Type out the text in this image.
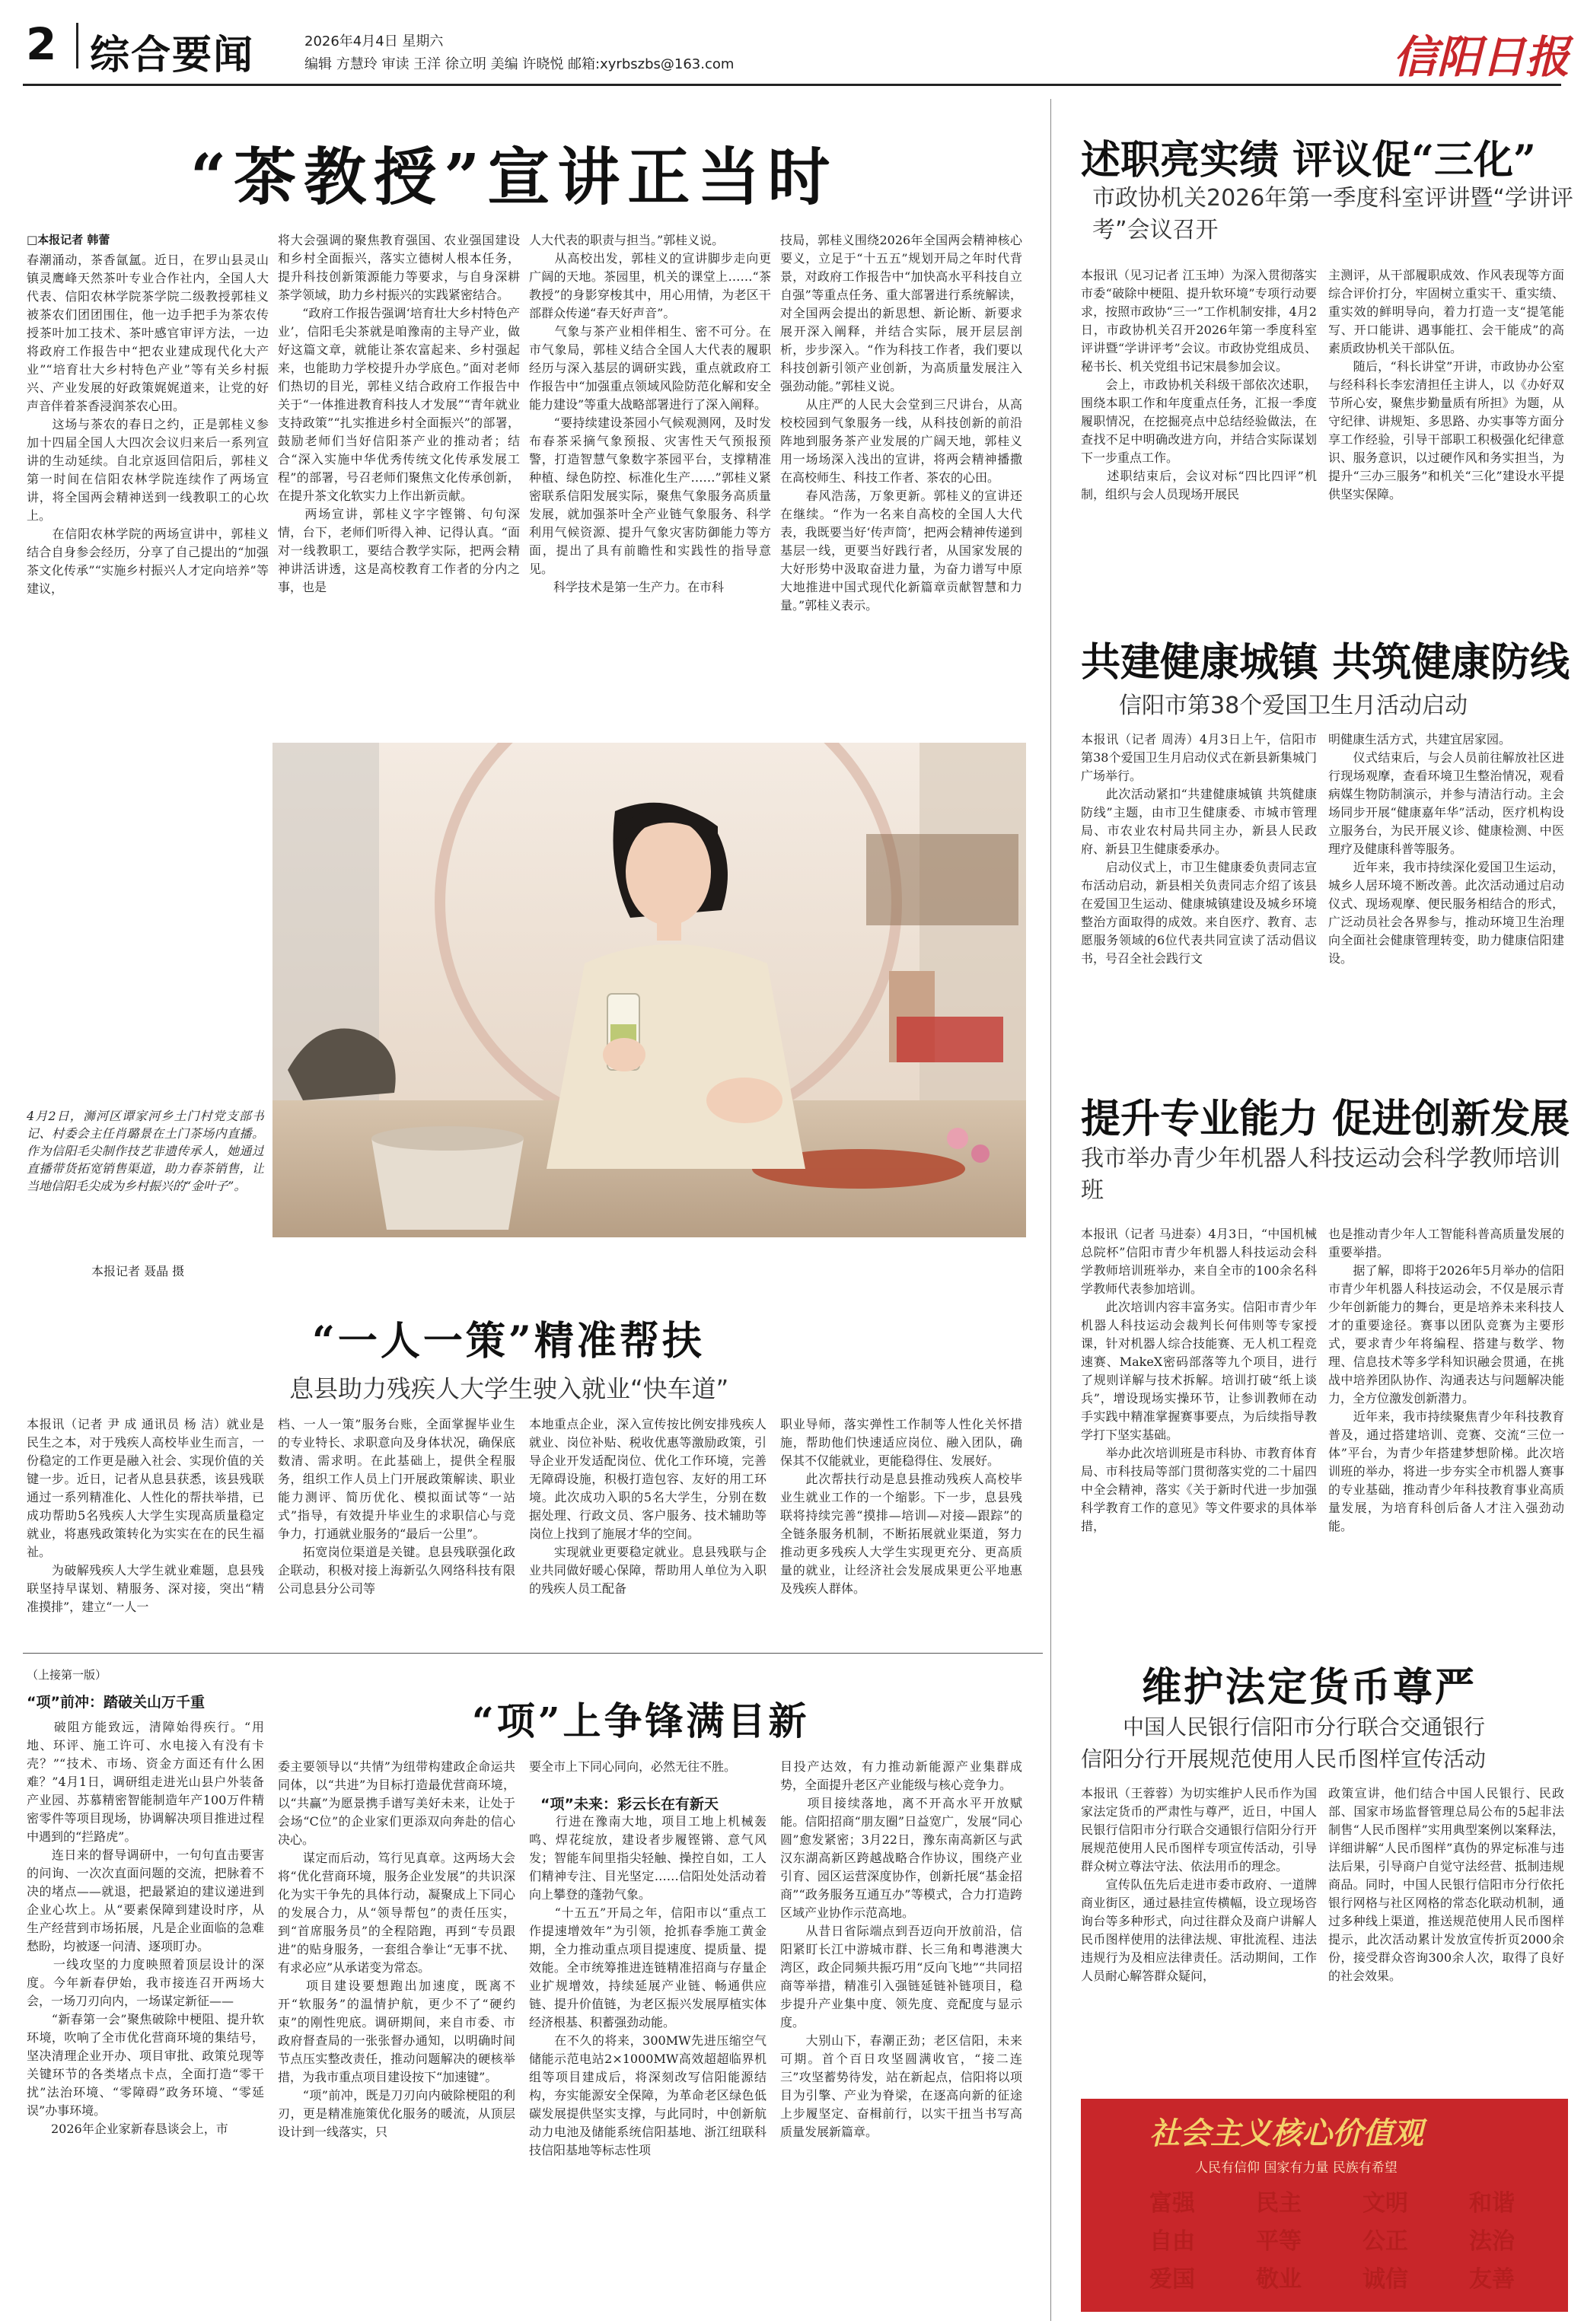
2 综合要闻	2026年4月4日 星期六
编辑 方慧玲 审读 王洋 徐立明 美编 许晓悦 邮箱:xyrbszbs@163.com	信阳日报
“茶教授”宣讲正当时
□本报记者 韩蕾
春潮涌动，茶香氤氲。近日，在罗山县灵山镇灵鹰峰天然茶叶专业合作社内，全国人大代表、信阳农林学院茶学院二级教授郭桂义被茶农们团团围住，他一边手把手为茶农传授茶叶加工技术、茶叶感官审评方法，一边将政府工作报告中“把农业建成现代化大产业”“培育壮大乡村特色产业”等有关乡村振兴、产业发展的好政策娓娓道来，让党的好声音伴着茶香浸润茶农心田。
　　这场与茶农的春日之约，正是郭桂义参加十四届全国人大四次会议归来后一系列宣讲的生动延续。自北京返回信阳后，郭桂义第一时间在信阳农林学院连续作了两场宣讲，将全国两会精神送到一线教职工的心坎上。
　　在信阳农林学院的两场宣讲中，郭桂义结合自身参会经历，分享了自己提出的“加强茶文化传承”“实施乡村振兴人才定向培养”等建议，
将大会强调的聚焦教育强国、农业强国建设和乡村全面振兴，落实立德树人根本任务，提升科技创新策源能力等要求，与自身深耕茶学领域，助力乡村振兴的实践紧密结合。
　　“政府工作报告强调‘培育壮大乡村特色产业’，信阳毛尖茶就是咱豫南的主导产业，做好这篇文章，就能让茶农富起来、乡村强起来，也能助力学校提升办学底色。”面对老师们热切的目光，郭桂义结合政府工作报告中关于“一体推进教育科技人才发展”“青年就业支持政策”“扎实推进乡村全面振兴”的部署，鼓励老师们当好信阳茶产业的推动者；结合“深入实施中华优秀传统文化传承发展工程”的部署，号召老师们聚焦文化传承创新，在提升茶文化软实力上作出新贡献。
　　两场宣讲，郭桂义字字铿锵、句句深情，台下，老师们听得入神、记得认真。“面对一线教职工，要结合教学实际，把两会精神讲活讲透，这是高校教育工作者的分内之事，也是
人大代表的职责与担当。”郭桂义说。
　　从高校出发，郭桂义的宣讲脚步走向更广阔的天地。茶园里，机关的课堂上……“茶教授”的身影穿梭其中，用心用情，为老区干部群众传递“春天好声音”。
　　气象与茶产业相伴相生、密不可分。在市气象局，郭桂义结合全国人大代表的履职经历与深入基层的调研实践，重点就政府工作报告中“加强重点领域风险防范化解和安全能力建设”等重大战略部署进行了深入阐释。
　　“要持续建设茶园小气候观测网，及时发布春茶采摘气象预报、灾害性天气预报预警，打造智慧气象数字茶园平台，支撑精准种植、绿色防控、标准化生产……”郭桂义紧密联系信阳发展实际，聚焦气象服务高质量发展，就加强茶叶全产业链气象服务、科学利用气候资源、提升气象灾害防御能力等方面，提出了具有前瞻性和实践性的指导意见。
　　科学技术是第一生产力。在市科
技局，郭桂义围绕2026年全国两会精神核心要义，立足于“十五五”规划开局之年时代背景，对政府工作报告中“加快高水平科技自立自强”等重点任务、重大部署进行系统解读，对全国两会提出的新思想、新论断、新要求展开深入阐释，并结合实际，展开层层剖析，步步深入。“作为科技工作者，我们要以科技创新引领产业创新，为高质量发展注入强劲动能。”郭桂义说。
　　从庄严的人民大会堂到三尺讲台，从高校校园到气象服务一线，从科技创新的前沿阵地到服务茶产业发展的广阔天地，郭桂义用一场场深入浅出的宣讲，将两会精神播撒在高校师生、科技工作者、茶农的心田。
　　春风浩荡，万象更新。郭桂义的宣讲还在继续。“作为一名来自高校的全国人大代表，我既要当好‘传声筒’，把两会精神传递到基层一线，更要当好践行者，从国家发展的大好形势中汲取奋进力量，为奋力谱写中原大地推进中国式现代化新篇章贡献智慧和力量。”郭桂义表示。
4月2日，浉河区谭家河乡土门村党支部书记、村委会主任肖璐景在土门茶场内直播。作为信阳毛尖制作技艺非遗传承人，她通过直播带货拓宽销售渠道，助力春茶销售，让当地信阳毛尖成为乡村振兴的“金叶子”。
本报记者 聂晶 摄
“一人一策”精准帮扶
息县助力残疾人大学生驶入就业“快车道”
本报讯（记者 尹 成 通讯员 杨 洁）就业是民生之本，对于残疾人高校毕业生而言，一份稳定的工作更是融入社会、实现价值的关键一步。近日，记者从息县获悉，该县残联通过一系列精准化、人性化的帮扶举措，已成功帮助5名残疾人大学生实现高质量稳定就业，将惠残政策转化为实实在在的民生福祉。
　　为破解残疾人大学生就业难题，息县残联坚持早谋划、精服务、深对接，突出“精准摸排”，建立“一人一
档、一人一策”服务台账，全面掌握毕业生的专业特长、求职意向及身体状况，确保底数清、需求明。在此基础上，提供全程服务，组织工作人员上门开展政策解读、职业能力测评、简历优化、模拟面试等“一站式”指导，有效提升毕业生的求职信心与竞争力，打通就业服务的“最后一公里”。
　　拓宽岗位渠道是关键。息县残联强化政企联动，积极对接上海新弘久网络科技有限公司息县分公司等
本地重点企业，深入宣传按比例安排残疾人就业、岗位补贴、税收优惠等激励政策，引导企业开发适配岗位、优化工作环境，完善无障碍设施，积极打造包容、友好的用工环境。此次成功入职的5名大学生，分别在数据处理、行政文员、客户服务、技术辅助等岗位上找到了施展才华的空间。
　　实现就业更要稳定就业。息县残联与企业共同做好暖心保障，帮助用人单位为入职的残疾人员工配备
职业导师，落实弹性工作制等人性化关怀措施，帮助他们快速适应岗位、融入团队，确保其不仅能就业，更能稳得住、发展好。
　　此次帮扶行动是息县推动残疾人高校毕业生就业工作的一个缩影。下一步，息县残联将持续完善“摸排—培训—对接—跟踪”的全链条服务机制，不断拓展就业渠道，努力推动更多残疾人大学生实现更充分、更高质量的就业，让经济社会发展成果更公平地惠及残疾人群体。
（上接第一版）
“项”前冲：踏破关山万千重	“项”上争锋满目新
　　破阻方能致远，清障始得疾行。“用地、环评、施工许可、水电接入有没有卡壳？”“技术、市场、资金方面还有什么困难？”4月1日，调研组走进光山县户外装备产业园、苏慕精密智能制造年产100万件精密零件等项目现场，协调解决项目推进过程中遇到的“拦路虎”。
　　连日来的督导调研中，一句句直击要害的问询、一次次直面问题的交流，把脉着不决的堵点——就退，把最紧迫的建议递进到企业心坎上。从“要素保障到建设时序，从生产经营到市场拓展，凡是企业面临的急难愁盼，均被逐一问清、逐项盯办。
　　一线攻坚的力度映照着顶层设计的深度。今年新春伊始，我市接连召开两场大会，一场刀刃向内，一场谋定新征——
　　“新春第一会”聚焦破除中梗阻、提升软环境，吹响了全市优化营商环境的集结号，坚决清理企业开办、项目审批、政策兑现等关键环节的各类堵点卡点，全面打造“零干扰”法治环境、“零障碍”政务环境、“零延误”办事环境。
　　2026年企业家新春恳谈会上，市
委主要领导以“共情”为纽带构建政企命运共同体，以“共进”为目标打造最优营商环境，以“共赢”为愿景携手谱写美好未来，让处于会场“C位”的企业家们更添双向奔赴的信心决心。
　　谋定而后动，笃行见真章。这两场大会将“优化营商环境，服务企业发展”的共识深化为实干争先的具体行动，凝聚成上下同心的发展合力，从“领导帮包”的责任压实，到“首席服务员”的全程陪跑，再到“专员跟进”的贴身服务，一套组合拳让“无事不扰、有求必应”从承诺变为常态。
　　项目建设要想跑出加速度，既离不开“软服务”的温情护航，更少不了“硬约束”的刚性兜底。调研期间，来自市委、市政府督查局的一张张督办通知，以明确时间节点压实整改责任，推动问题解决的硬核举措，为我市重点项目建设按下“加速键”。
　　“项”前冲，既是刀刃向内破除梗阻的利刃，更是精准施策优化服务的暖流，从顶层设计到一线落实，只
“项”未来：彩云长在有新天
要全市上下同心同向，必然无往不胜。

　　行进在豫南大地，项目工地上机械轰鸣、焊花绽放，建设者步履铿锵、意气风发；智能车间里指尖轻触、操控自如，工人们精神专注、目光坚定……信阳处处活动着向上攀登的蓬勃气象。
　　“十五五”开局之年，信阳市以“重点工作提速增效年”为引领，抢抓春季施工黄金期，全力推动重点项目提速度、提质量、提效能。全市统筹推进连链精准招商与存量企业扩规增效，持续延展产业链、畅通供应链、提升价值链，为老区振兴发展厚植实体经济根基、积蓄强劲动能。
　　在不久的将来，300MW先进压缩空气储能示范电站2×1000MW高效超超临界机组等项目建成后，将深刻改写信阳能源结构，夯实能源安全保障，为革命老区绿色低碳发展提供坚实支撑，与此同时，中创新航动力电池及储能系统信阳基地、浙江纽联科技信阳基地等标志性项
目投产达效，有力推动新能源产业集群成势，全面提升老区产业能级与核心竞争力。
　　项目接续落地，离不开高水平开放赋能。信阳招商“朋友圈”日益宽广，发展“同心圆”愈发紧密；3月22日，豫东南高新区与武汉东湖高新区跨越战略合作协议，围绕产业引育、园区运营深度协作，创新托展“基金招商”“政务服务互通互办”等模式，合力打造跨区域产业协作示范高地。
　　从昔日省际端点到吾迈向开放前沿，信阳紧盯长江中游城市群、长三角和粤港澳大湾区，政企同频共振巧用“反向飞地”“共同招商等举措，精准引入强链延链补链项目，稳步提升产业集中度、领先度、竞配度与显示度。
　　大别山下，春潮正劲；老区信阳，未来可期。首个百日攻坚圆满收官，“接二连三”攻坚蓄势待发，站在新起点，信阳将以项目为引擎、产业为脊梁，在逐高向新的征途上步履坚定、奋楫前行，以实干扭当书写高质量发展新篇章。
述职亮实绩 评议促“三化”
市政协机关2026年第一季度科室评讲暨“学讲评考”会议召开
本报讯（见习记者 江玉坤）为深入贯彻落实市委“破除中梗阻、提升软环境”专项行动要求，按照市政协“三一”工作机制安排，4月2日，市政协机关召开2026年第一季度科室评讲暨“学讲评考”会议。市政协党组成员、秘书长、机关党组书记宋晨参加会议。
　　会上，市政协机关科级干部依次述职，围绕本职工作和年度重点任务，汇报一季度履职情况，在挖掘亮点中总结经验做法，在查找不足中明确改进方向，并结合实际谋划下一步重点工作。
　　述职结束后，会议对标“四比四评”机制，组织与会人员现场开展民
主测评，从干部履职成效、作风表现等方面综合评价打分，牢固树立重实干、重实绩、重实效的鲜明导向，着力打造一支“提笔能写、开口能讲、遇事能扛、会干能成”的高素质政协机关干部队伍。
　　随后，“科长讲堂”开讲，市政协办公室与经科科长李宏清担任主讲人，以《办好双节所心安，聚焦步勤量质有所担》为题，从守纪律、讲规矩、多思路、办实事等方面分享工作经验，引导干部职工积极强化纪律意识、服务意识，以过硬作风和务实担当，为提升“三办三服务”和机关“三化”建设水平提供坚实保障。
共建健康城镇 共筑健康防线
信阳市第38个爱国卫生月活动启动
本报讯（记者 周涛）4月3日上午，信阳市第38个爱国卫生月启动仪式在新县新集城门广场举行。
　　此次活动紧扣“共建健康城镇 共筑健康防线”主题，由市卫生健康委、市城市管理局、市农业农村局共同主办，新县人民政府、新县卫生健康委承办。
　　启动仪式上，市卫生健康委负责同志宣布活动启动，新县相关负责同志介绍了该县在爱国卫生运动、健康城镇建设及城乡环境整治方面取得的成效。来自医疗、教育、志愿服务领域的6位代表共同宣读了活动倡议书，号召全社会践行文
明健康生活方式，共建宜居家园。
　　仪式结束后，与会人员前往解放社区进行现场观摩，查看环境卫生整治情况，观看病媒生物防制演示，并参与清洁行动。主会场同步开展“健康嘉年华”活动，医疗机构设立服务台，为民开展义诊、健康检测、中医理疗及健康科普等服务。
　　近年来，我市持续深化爱国卫生运动，城乡人居环境不断改善。此次活动通过启动仪式、现场观摩、便民服务相结合的形式，广泛动员社会各界参与，推动环境卫生治理向全面社会健康管理转变，助力健康信阳建设。
提升专业能力 促进创新发展
我市举办青少年机器人科技运动会科学教师培训班
本报讯（记者 马进泰）4月3日，“中国机械总院杯”信阳市青少年机器人科技运动会科学教师培训班举办，来自全市的100余名科学教师代表参加培训。
　　此次培训内容丰富务实。信阳市青少年机器人科技运动会裁判长何伟则等专家授课，针对机器人综合技能赛、无人机工程竞速赛、MakeX密码部落等九个项目，进行了规则详解与技术拆解。培训打破“纸上谈兵”，增设现场实操环节，让参训教师在动手实践中精准掌握赛事要点，为后续指导教学打下坚实基础。
　　举办此次培训班是市科协、市教育体育局、市科技局等部门贯彻落实党的二十届四中全会精神，落实《关于新时代进一步加强科学教育工作的意见》等文件要求的具体举措，
也是推动青少年人工智能科普高质量发展的重要举措。
　　据了解，即将于2026年5月举办的信阳市青少年机器人科技运动会，不仅是展示青少年创新能力的舞台，更是培养未来科技人才的重要途径。赛事以团队竞赛为主要形式，要求青少年将编程、搭建与数学、物理、信息技术等多学科知识融会贯通，在挑战中培养团队协作、沟通表达与问题解决能力，全方位激发创新潜力。
　　近年来，我市持续聚焦青少年科技教育普及，通过搭建培训、竞赛、交流“三位一体”平台，为青少年搭建梦想阶梯。此次培训班的举办，将进一步夯实全市机器人赛事的专业基础，推动青少年科技教育事业高质量发展，为培育科创后备人才注入强劲动能。
维护法定货币尊严
中国人民银行信阳市分行联合交通银行
信阳分行开展规范使用人民币图样宣传活动
本报讯（王蓉蓉）为切实维护人民币作为国家法定货币的严肃性与尊严，近日，中国人民银行信阳市分行联合交通银行信阳分行开展规范使用人民币图样专项宣传活动，引导群众树立尊法守法、依法用币的理念。
　　宣传队伍先后走进市委市政府、一道牌商业街区，通过悬挂宣传横幅，设立现场咨询台等多种形式，向过往群众及商户讲解人民币图样使用的法律法规、审批流程、违法违规行为及相应法律责任。活动期间，工作人员耐心解答群众疑问，
政策宣讲，他们结合中国人民银行、民政部、国家市场监督管理总局公布的5起非法制售“人民币图样”实用典型案例以案释法，详细讲解“人民币图样”真伪的界定标准与违法后果，引导商户自觉守法经营、抵制违规商品。同时，中国人民银行信阳市分行依托银行网格与社区网格的常态化联动机制，通过多种线上渠道，推送规范使用人民币图样提示，此次活动累计发放宣传折页2000余份，接受群众咨询300余人次，取得了良好的社会效果。
社会主义核心价值观
人民有信仰 国家有力量 民族有希望
富强	民主	文明	和谐
自由	平等	公正	法治
爱国	敬业	诚信	友善
